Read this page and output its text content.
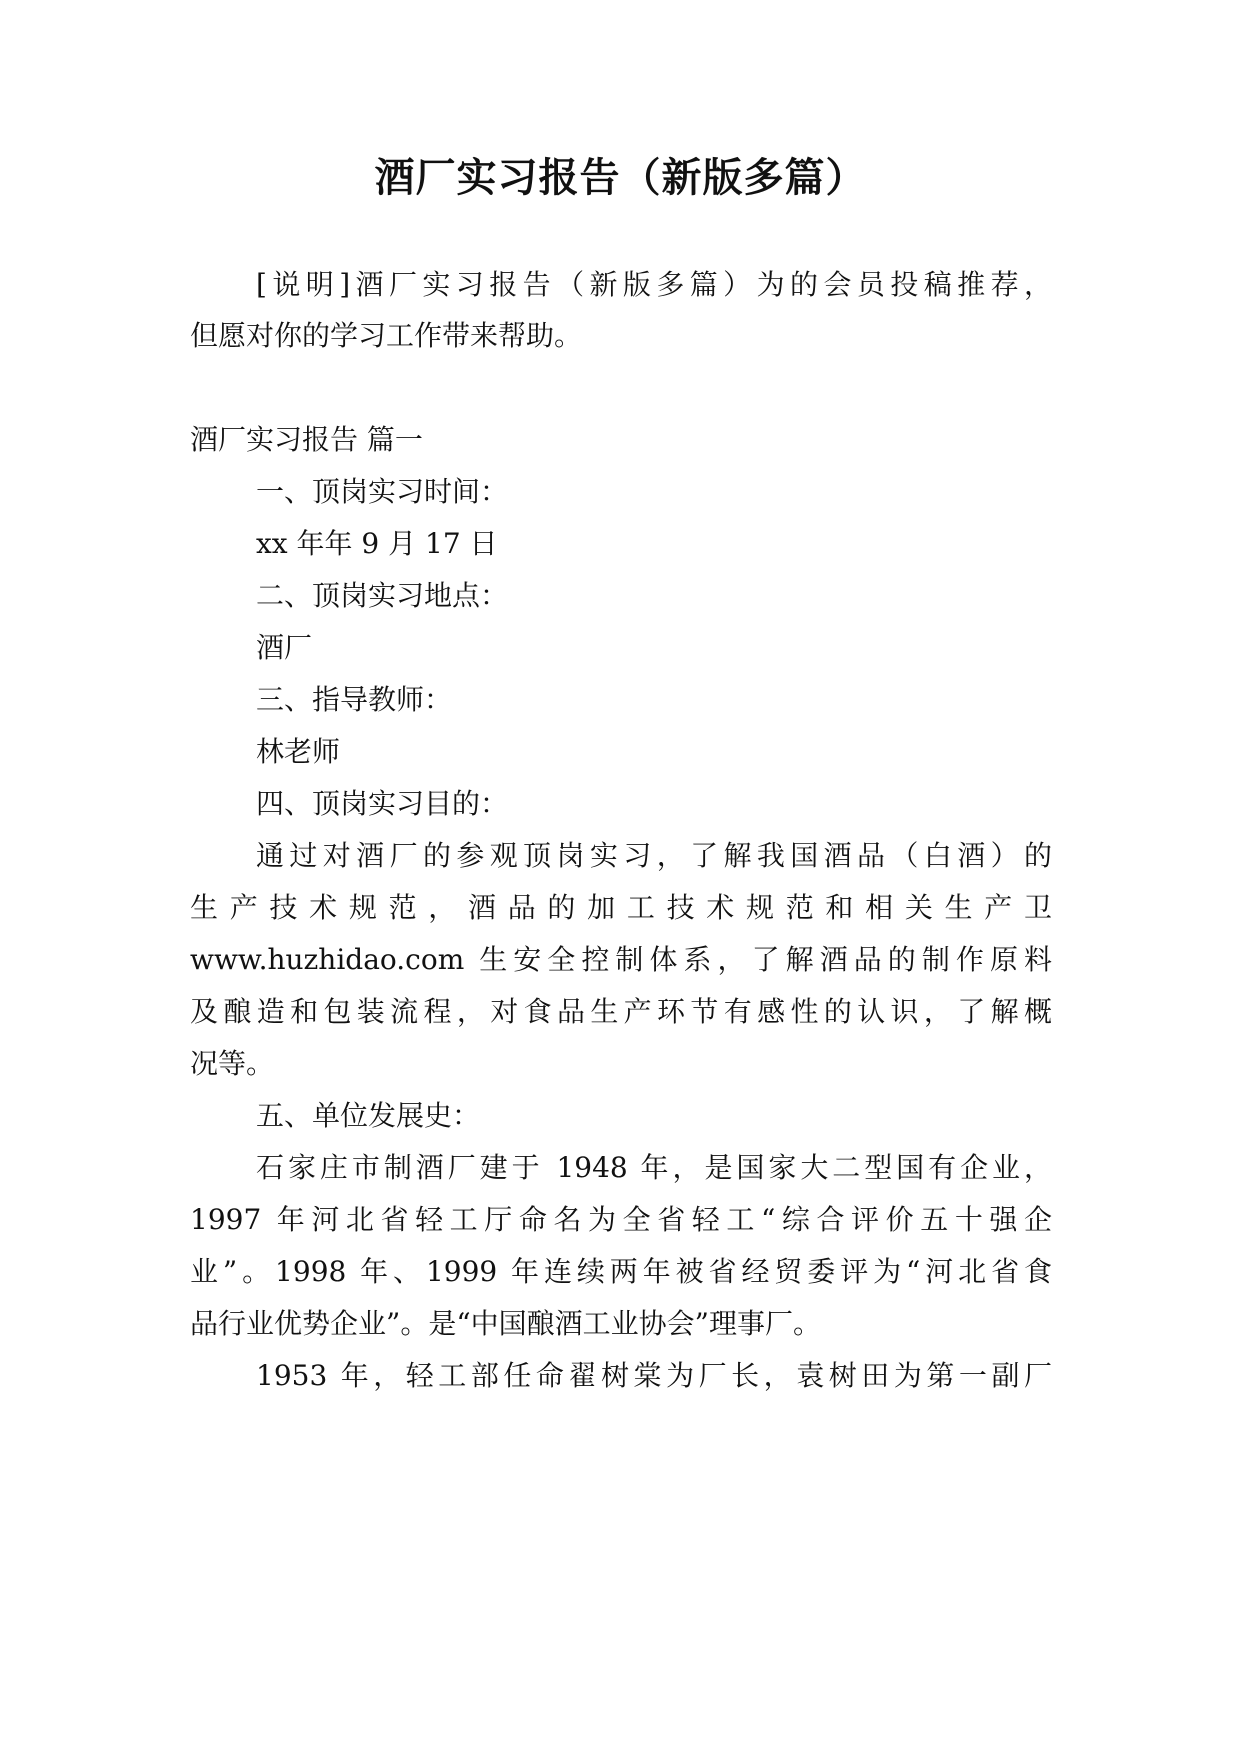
酒厂实习报告（新版多篇）
[说明]酒厂实习报告（新版多篇）为的会员投稿推荐，
但愿对你的学习工作带来帮助。
酒厂实习报告 篇一
一、顶岗实习时间：
xx 年年 9 月 17 日
二、顶岗实习地点：
酒厂
三、指导教师：
林老师
四、顶岗实习目的：
通过对酒厂的参观顶岗实习，了解我国酒品（白酒）的
生产技术规范，酒品的加工技术规范和相关生产卫
www.huzhidao.com 生安全控制体系，了解酒品的制作原料
及酿造和包装流程，对食品生产环节有感性的认识，了解概
况等。
五、单位发展史：
石家庄市制酒厂建于 1948 年，是国家大二型国有企业，
1997 年河北省轻工厅命名为全省轻工“综合评价五十强企
业”。1998 年、1999 年连续两年被省经贸委评为“河北省食
品行业优势企业”。是“中国酿酒工业协会”理事厂。
1953 年，轻工部任命翟树棠为厂长，袁树田为第一副厂
